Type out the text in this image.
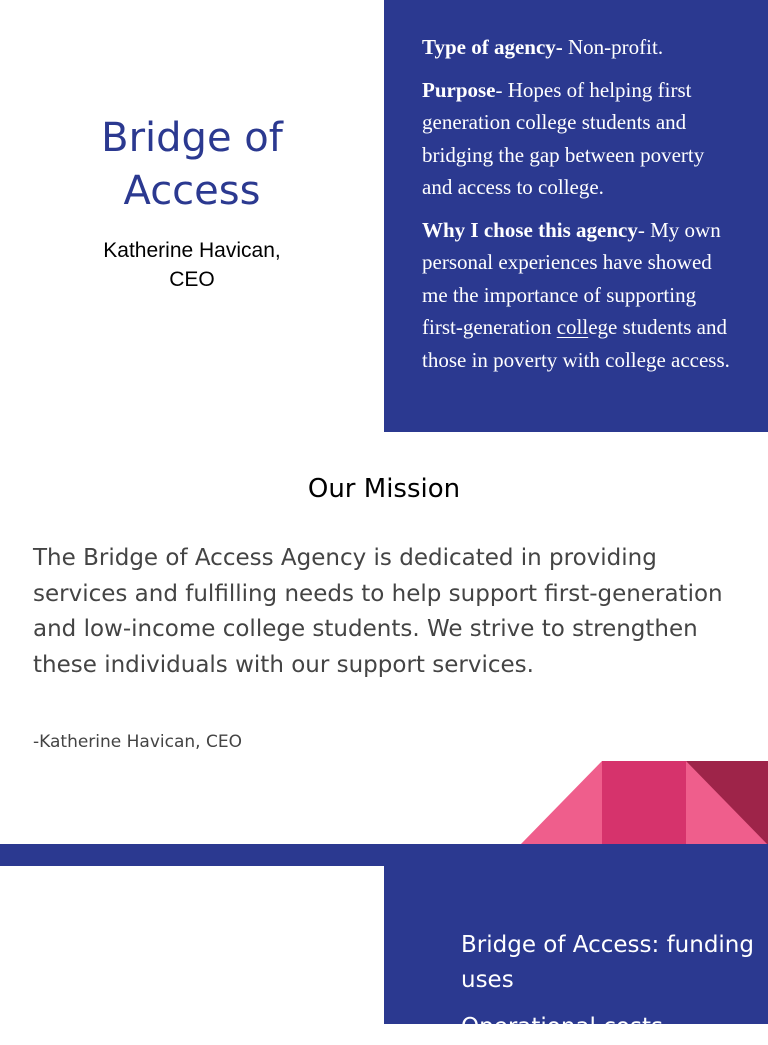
Bridge of
Access
Katherine Havican,
CEO

Type of agency- Non-profit.

Purpose- Hopes of helping first generation college students and bridging the gap between poverty and access to college.

Why I chose this agency- My own personal experiences have showed me the importance of supporting first-generation college students and those in poverty with college access.

Our Mission

The Bridge of Access Agency is dedicated in providing services and fulfilling needs to help support first-generation and low-income college students. We strive to strengthen these individuals with our support services.

-Katherine Havican, CEO

Bridge of Access: funding uses

Operational costs
